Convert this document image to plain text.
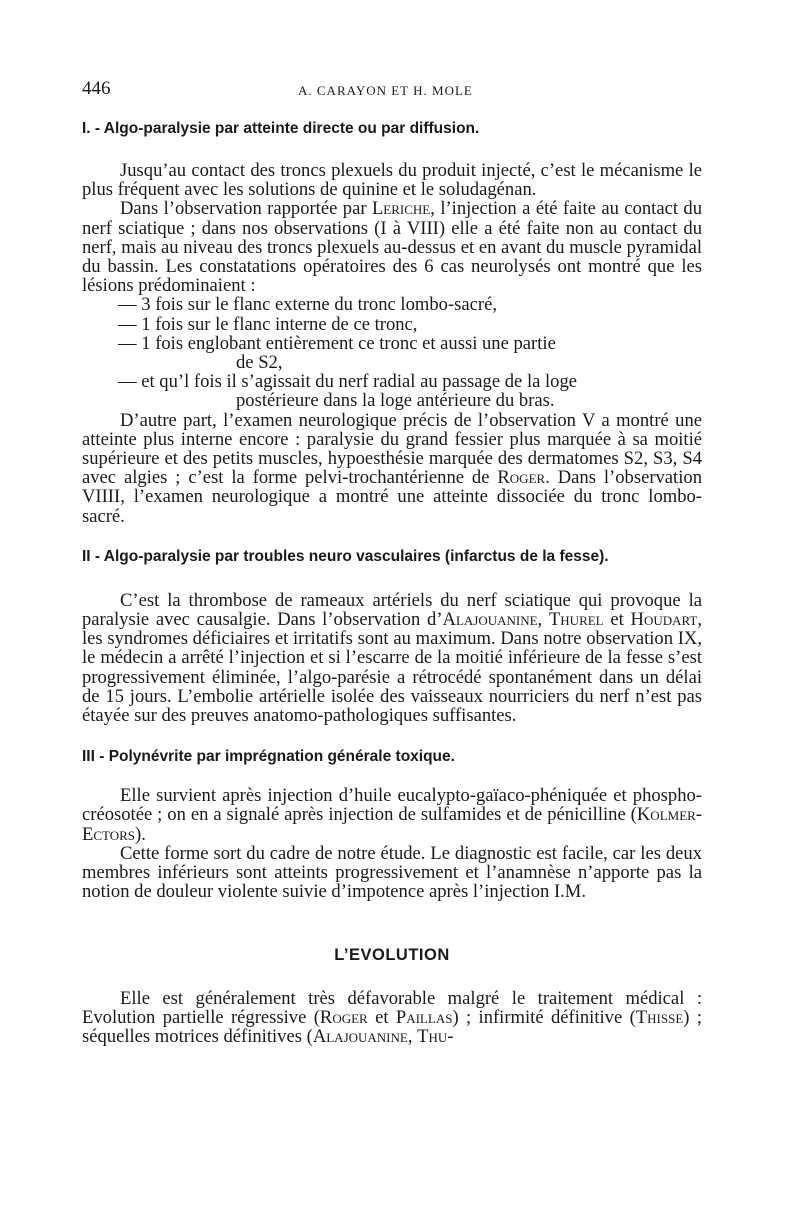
446	A. CARAYON ET H. MOLE
I. - Algo-paralysie par atteinte directe ou par diffusion.

Jusqu’au contact des troncs plexuels du produit injecté, c’est le mécanisme le plus fréquent avec les solutions de quinine et le soludagénan.

Dans l’observation rapportée par Leriche, l’injection a été faite au contact du nerf sciatique ; dans nos observations (I à VIII) elle a été faite non au contact du nerf, mais au niveau des troncs plexuels au-dessus et en avant du muscle pyramidal du bassin. Les constatations opératoires des 6 cas neurolysés ont montré que les lésions prédominaient :

— 3 fois sur le flanc externe du tronc lombo-sacré,
— 1 fois sur le flanc interne de ce tronc,
— 1 fois englobant entièrement ce tronc et aussi une partie
de S2,
— et qu’l fois il s’agissait du nerf radial au passage de la loge
postérieure dans la loge antérieure du bras.

D’autre part, l’examen neurologique précis de l’observation V a montré une atteinte plus interne encore : paralysie du grand fessier plus marquée à sa moitié supérieure et des petits muscles, hypoesthésie marquée des dermatomes S2, S3, S4 avec algies ; c’est la forme pelvi-trochantérienne de Roger. Dans l’observation VIIII, l’examen neurologique a montré une atteinte dissociée du tronc lombo-sacré.

II - Algo-paralysie par troubles neuro vasculaires (infarctus de la fesse).

C’est la thrombose de rameaux artériels du nerf sciatique qui provoque la paralysie avec causalgie. Dans l’observation d’Alajouanine, Thurel et Houdart, les syndromes déficiaires et irritatifs sont au maximum. Dans notre observation IX, le médecin a arrêté l’injection et si l’escarre de la moitié inférieure de la fesse s’est progressivement éliminée, l’algo-parésie a rétrocédé spontanément dans un délai de 15 jours. L’embolie artérielle isolée des vaisseaux nourriciers du nerf n’est pas étayée sur des preuves anatomo-pathologiques suffisantes.

III - Polynévrite par imprégnation générale toxique.

Elle survient après injection d’huile eucalypto-gaïaco-phéniquée et phospho-créosotée ; on en a signalé après injection de sulfamides et de pénicilline (Kolmer-Ectors).

Cette forme sort du cadre de notre étude. Le diagnostic est facile, car les deux membres inférieurs sont atteints progressivement et l’anamnèse n’apporte pas la notion de douleur violente suivie d’impotence après l’injection I.M.

L’EVOLUTION

Elle est généralement très défavorable malgré le traitement médical : Evolution partielle régressive (Roger et Paillas) ; infirmité définitive (Thisse) ; séquelles motrices définitives (Alajouanine, Thu-
